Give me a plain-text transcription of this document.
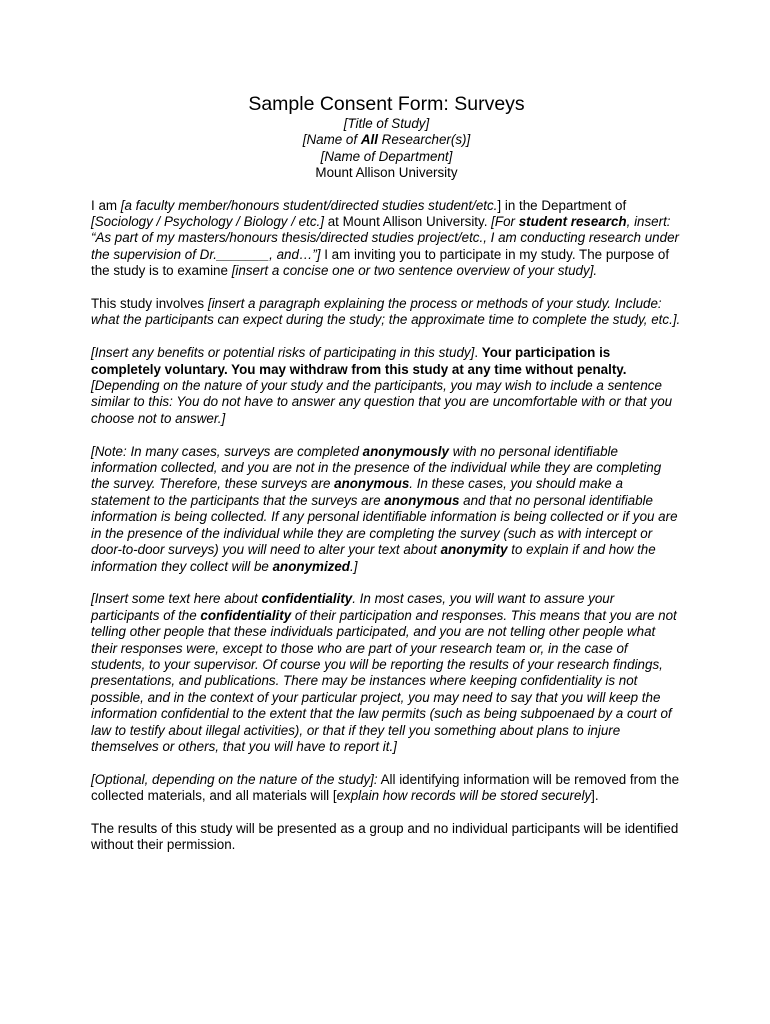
Sample Consent Form: Surveys

[Title of Study]

[Name of All Researcher(s)]

[Name of Department]

Mount Allison University

I am [a faculty member/honours student/directed studies student/etc.] in the Department of [Sociology / Psychology / Biology / etc.] at Mount Allison University. [For student research, insert: “As part of my masters/honours thesis/directed studies project/etc., I am conducting research under the supervision of Dr._______, and…”] I am inviting you to participate in my study. The purpose of the study is to examine [insert a concise one or two sentence overview of your study].

This study involves [insert a paragraph explaining the process or methods of your study. Include: what the participants can expect during the study; the approximate time to complete the study, etc.].

[Insert any benefits or potential risks of participating in this study]. Your participation is completely voluntary. You may withdraw from this study at any time without penalty. [Depending on the nature of your study and the participants, you may wish to include a sentence similar to this: You do not have to answer any question that you are uncomfortable with or that you choose not to answer.]

[Note: In many cases, surveys are completed anonymously with no personal identifiable information collected, and you are not in the presence of the individual while they are completing the survey. Therefore, these surveys are anonymous. In these cases, you should make a statement to the participants that the surveys are anonymous and that no personal identifiable information is being collected. If any personal identifiable information is being collected or if you are in the presence of the individual while they are completing the survey (such as with intercept or door-to-door surveys) you will need to alter your text about anonymity to explain if and how the information they collect will be anonymized.]

[Insert some text here about confidentiality. In most cases, you will want to assure your participants of the confidentiality of their participation and responses. This means that you are not telling other people that these individuals participated, and you are not telling other people what their responses were, except to those who are part of your research team or, in the case of students, to your supervisor. Of course you will be reporting the results of your research findings, presentations, and publications. There may be instances where keeping confidentiality is not possible, and in the context of your particular project, you may need to say that you will keep the information confidential to the extent that the law permits (such as being subpoenaed by a court of law to testify about illegal activities), or that if they tell you something about plans to injure themselves or others, that you will have to report it.]

[Optional, depending on the nature of the study]: All identifying information will be removed from the collected materials, and all materials will [explain how records will be stored securely].

The results of this study will be presented as a group and no individual participants will be identified without their permission.
